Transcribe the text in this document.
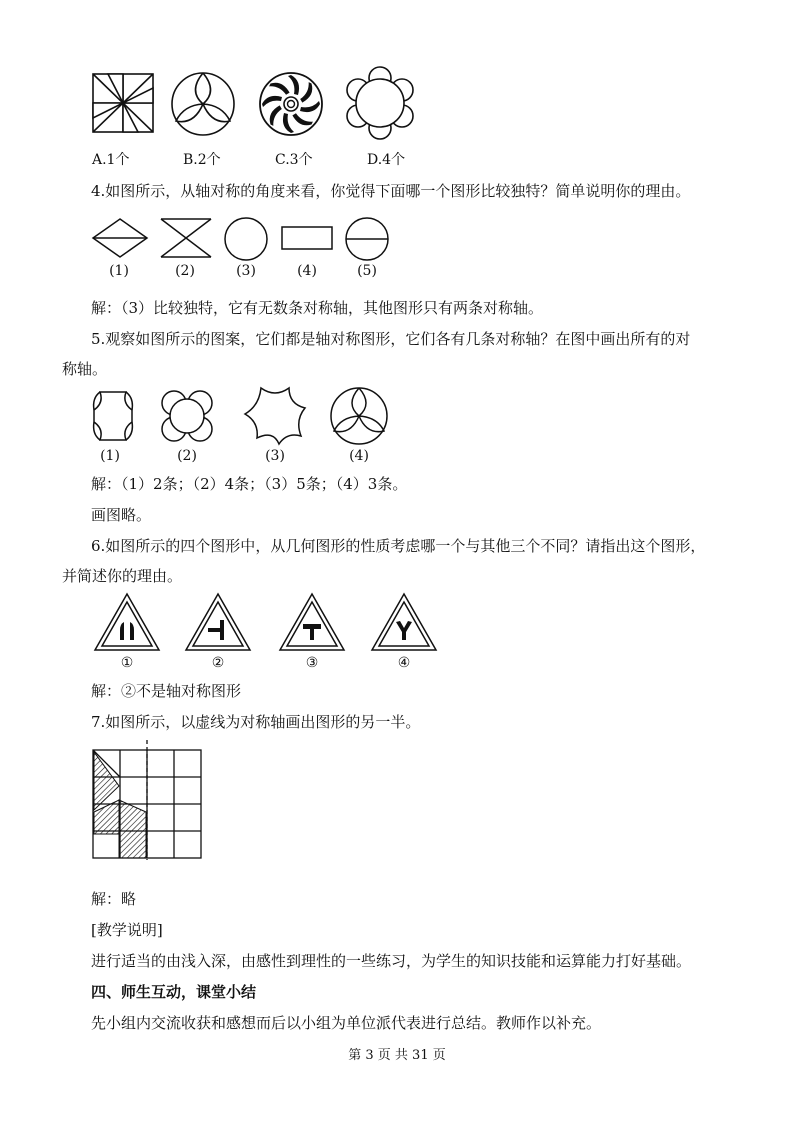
A.1个	B.2个	C.3个	D.4个
4.如图所示，从轴对称的角度来看，你觉得下面哪一个图形比较独特？简单说明你的理由。
(1)	(2)	(3)	(4)	(5)
解：（3）比较独特，它有无数条对称轴，其他图形只有两条对称轴。
5.观察如图所示的图案，它们都是轴对称图形，它们各有几条对称轴？在图中画出所有的对
称轴。
(1)	(2)	(3)	(4)
解：（1）2条；（2）4条；（3）5条；（4）3条。
画图略。
6.如图所示的四个图形中，从几何图形的性质考虑哪一个与其他三个不同？请指出这个图形，
并简述你的理由。
①	②	③	④
解：②不是轴对称图形
7.如图所示，以虚线为对称轴画出图形的另一半。
解：略
[教学说明]
进行适当的由浅入深，由感性到理性的一些练习，为学生的知识技能和运算能力打好基础。
四、师生互动，课堂小结
先小组内交流收获和感想而后以小组为单位派代表进行总结。教师作以补充。
第 3 页 共 31 页
